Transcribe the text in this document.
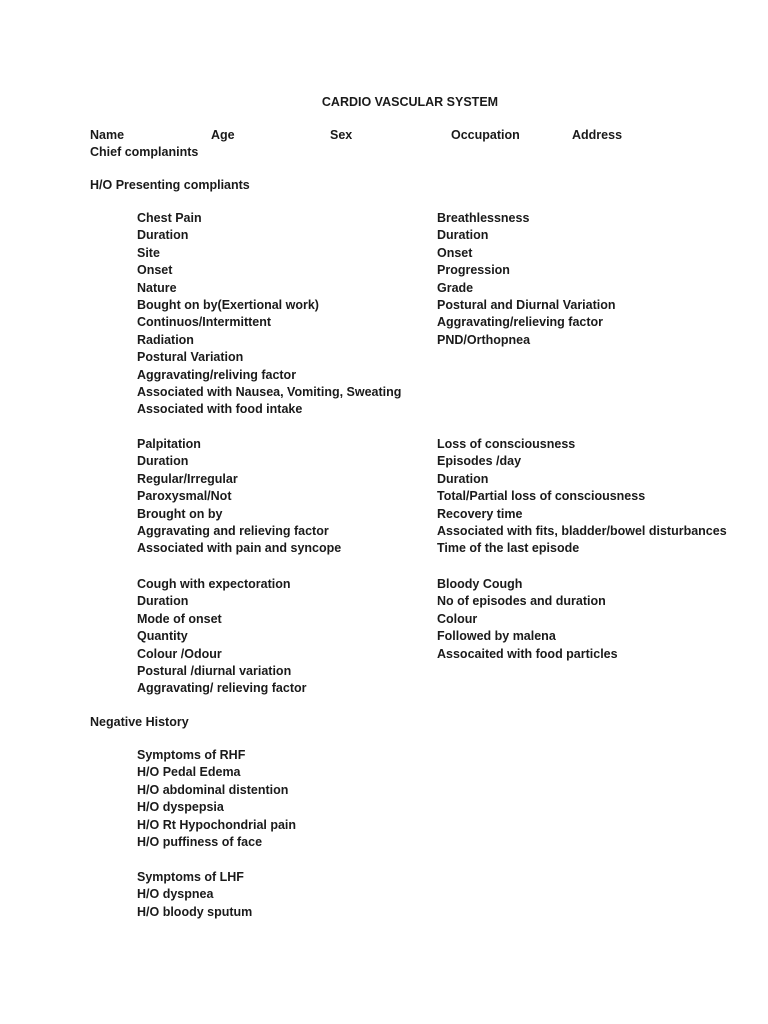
CARDIO VASCULAR SYSTEM
Name	Age	Sex	Occupation	Address
Chief complanints
H/O Presenting compliants
Chest Pain
Duration
Site
Onset
Nature
Bought on by(Exertional work)
Continuos/Intermittent
Radiation
Postural Variation
Aggravating/reliving factor
Associated with Nausea, Vomiting, Sweating
Associated with food intake
Breathlessness
Duration
Onset
Progression
Grade
Postural and Diurnal Variation
Aggravating/relieving factor
PND/Orthopnea
Palpitation
Duration
Regular/Irregular
Paroxysmal/Not
Brought on by
Aggravating and relieving factor
Associated with pain and syncope
Loss of consciousness
Episodes /day
Duration
Total/Partial loss of consciousness
Recovery time
Associated with fits, bladder/bowel disturbances
Time of the last episode
Cough with expectoration
Duration
Mode of onset
Quantity
Colour /Odour
Postural /diurnal variation
Aggravating/ relieving factor
Bloody Cough
No of episodes and duration
Colour
Followed by malena
Assocaited with food particles
Negative History
Symptoms of RHF
H/O Pedal Edema
H/O abdominal distention
H/O dyspepsia
H/O Rt Hypochondrial pain
H/O puffiness of face
Symptoms of LHF
H/O dyspnea
H/O bloody sputum
